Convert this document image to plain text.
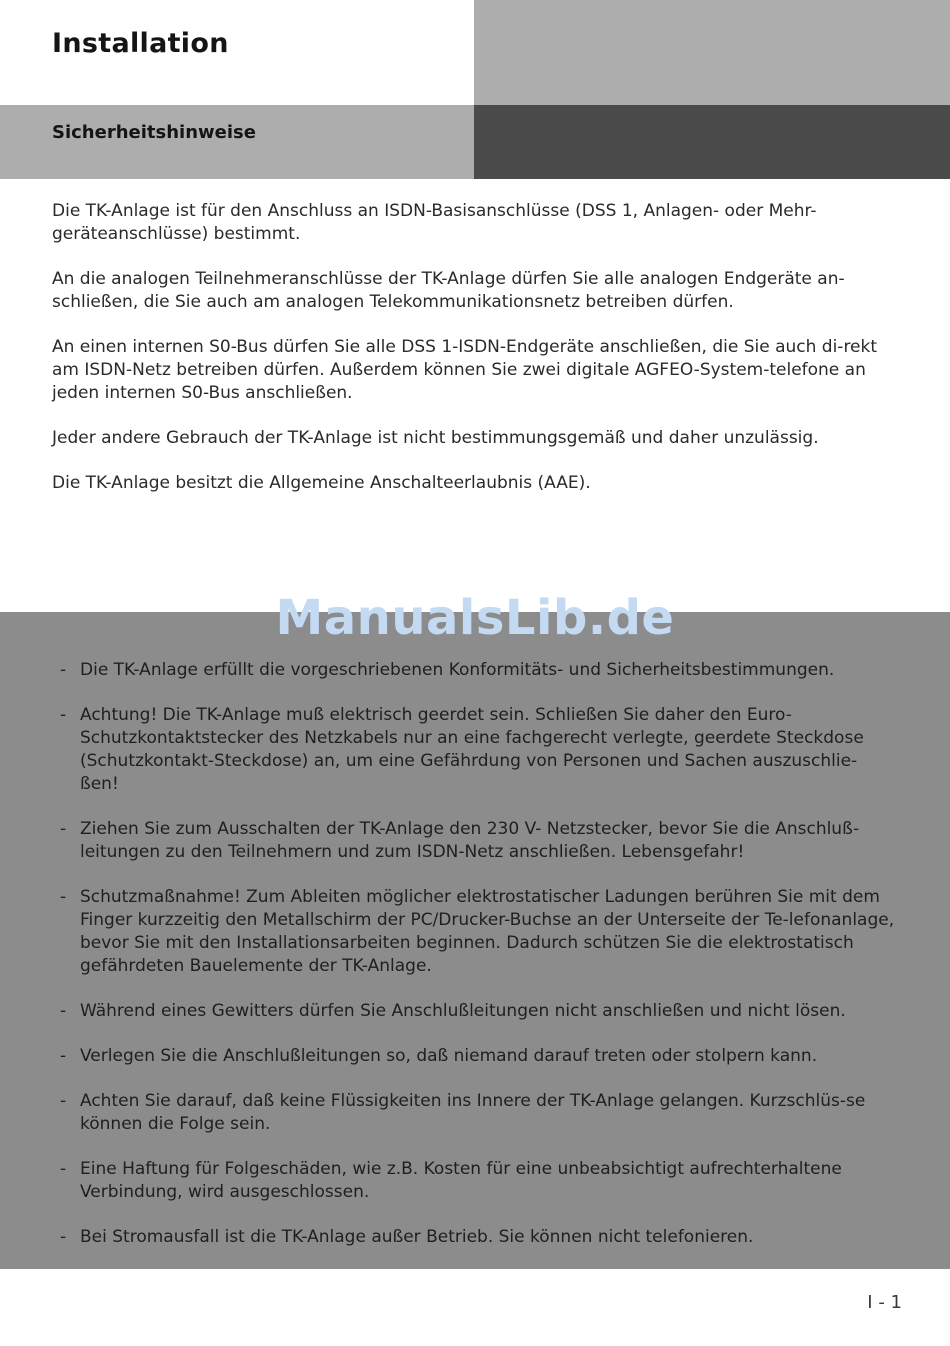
Installation
Sicherheitshinweise

Die TK-Anlage ist für den Anschluss an ISDN-Basisanschlüsse (DSS 1, Anlagen- oder Mehr-geräteanschlüsse) bestimmt.

An die analogen Teilnehmeranschlüsse der TK-Anlage dürfen Sie alle analogen Endgeräte an-schließen, die Sie auch am analogen Telekommunikationsnetz betreiben dürfen.

An einen internen S0-Bus dürfen Sie alle DSS 1-ISDN-Endgeräte anschließen, die Sie auch di-rekt am ISDN-Netz betreiben dürfen. Außerdem können Sie zwei digitale AGFEO-System-telefone an jeden internen S0-Bus anschließen.

Jeder andere Gebrauch der TK-Anlage ist nicht bestimmungsgemäß und daher unzulässig.

Die TK-Anlage besitzt die Allgemeine Anschalteerlaubnis (AAE).

ManualsLib.de
- Die TK-Anlage erfüllt die vorgeschriebenen Konformitäts- und Sicherheitsbestimmungen.
- Achtung! Die TK-Anlage muß elektrisch geerdet sein. Schließen Sie daher den Euro-Schutzkontaktstecker des Netzkabels nur an eine fachgerecht verlegte, geerdete Steckdose (Schutzkontakt-Steckdose) an, um eine Gefährdung von Personen und Sachen auszuschlie-ßen!
- Ziehen Sie zum Ausschalten der TK-Anlage den 230 V- Netzstecker, bevor Sie die Anschluß-leitungen zu den Teilnehmern und zum ISDN-Netz anschließen. Lebensgefahr!
- Schutzmaßnahme! Zum Ableiten möglicher elektrostatischer Ladungen berühren Sie mit dem Finger kurzzeitig den Metallschirm der PC/Drucker-Buchse an der Unterseite der Te-lefonanlage, bevor Sie mit den Installationsarbeiten beginnen. Dadurch schützen Sie die elektrostatisch gefährdeten Bauelemente der TK-Anlage.
- Während eines Gewitters dürfen Sie Anschlußleitungen nicht anschließen und nicht lösen.
- Verlegen Sie die Anschlußleitungen so, daß niemand darauf treten oder stolpern kann.
- Achten Sie darauf, daß keine Flüssigkeiten ins Innere der TK-Anlage gelangen. Kurzschlüs-se können die Folge sein.
- Eine Haftung für Folgeschäden, wie z.B. Kosten für eine unbeabsichtigt aufrechterhaltene Verbindung, wird ausgeschlossen.
- Bei Stromausfall ist die TK-Anlage außer Betrieb. Sie können nicht telefonieren.
I - 1
